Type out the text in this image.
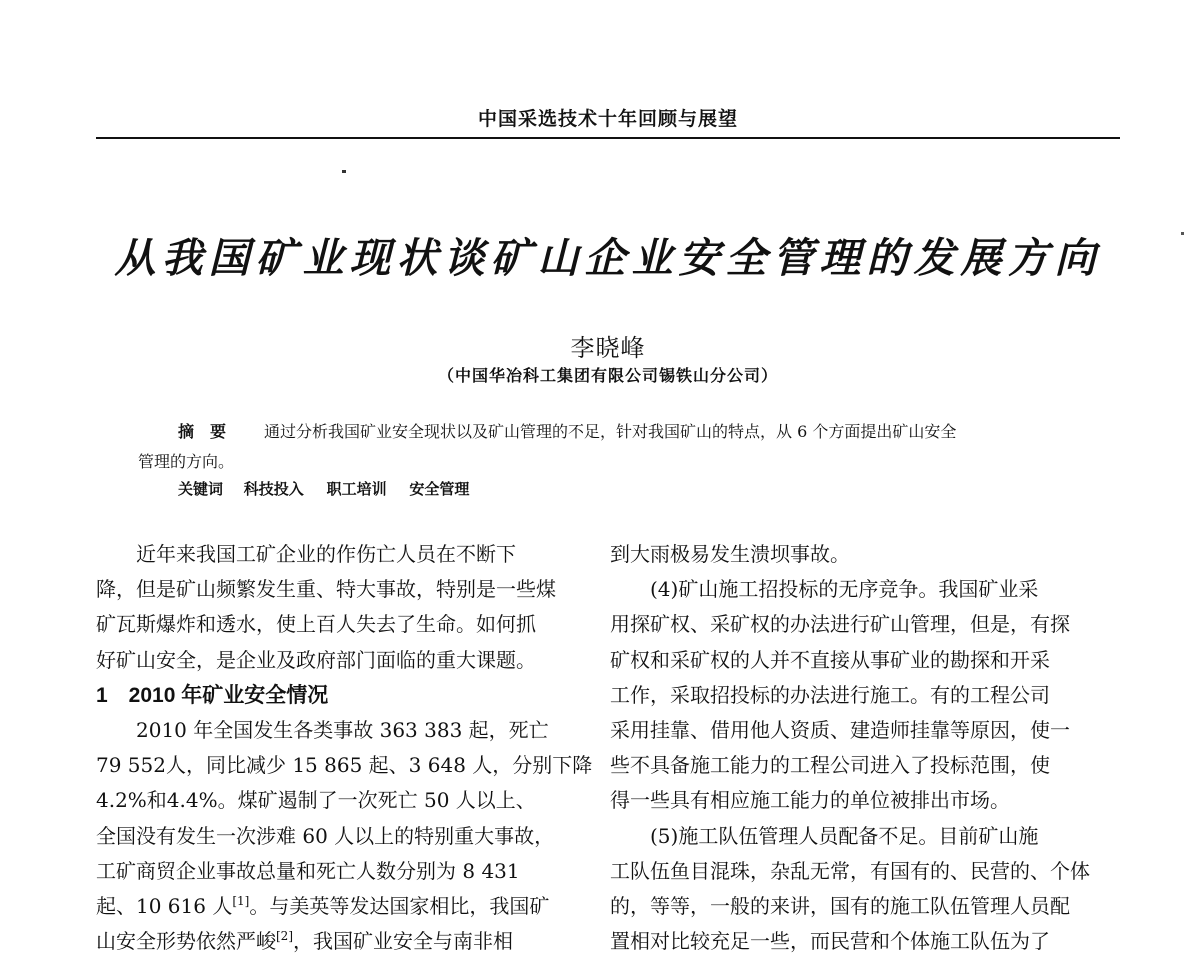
中国采选技术十年回顾与展望
从我国矿业现状谈矿山企业安全管理的发展方向
李晓峰
（中国华冶科工集团有限公司锡铁山分公司）
摘要 通过分析我国矿业安全现状以及矿山管理的不足，针对我国矿山的特点，从 6 个方面提出矿山安全
管理的方向。
关键词 科技投入 职工培训 安全管理
　　近年来我国工矿企业的作伤亡人员在不断下
降，但是矿山频繁发生重、特大事故，特别是一些煤
矿瓦斯爆炸和透水，使上百人失去了生命。如何抓
好矿山安全，是企业及政府部门面临的重大课题。
1　2010 年矿业安全情况
　　2010 年全国发生各类事故 363 383 起，死亡
79 552人，同比减少 15 865 起、3 648 人，分别下降
4.2%和4.4%。煤矿遏制了一次死亡 50 人以上、
全国没有发生一次涉难 60 人以上的特别重大事故，
工矿商贸企业事故总量和死亡人数分别为 8 431
起、10 616 人[1]。与美英等发达国家相比，我国矿
山安全形势依然严峻[2]，我国矿业安全与南非相
到大雨极易发生溃坝事故。
　　(4)矿山施工招投标的无序竞争。我国矿业采
用探矿权、采矿权的办法进行矿山管理，但是，有探
矿权和采矿权的人并不直接从事矿业的勘探和开采
工作，采取招投标的办法进行施工。有的工程公司
采用挂靠、借用他人资质、建造师挂靠等原因，使一
些不具备施工能力的工程公司进入了投标范围，使
得一些具有相应施工能力的单位被排出市场。
　　(5)施工队伍管理人员配备不足。目前矿山施
工队伍鱼目混珠，杂乱无常，有国有的、民营的、个体
的，等等，一般的来讲，国有的施工队伍管理人员配
置相对比较充足一些，而民营和个体施工队伍为了
